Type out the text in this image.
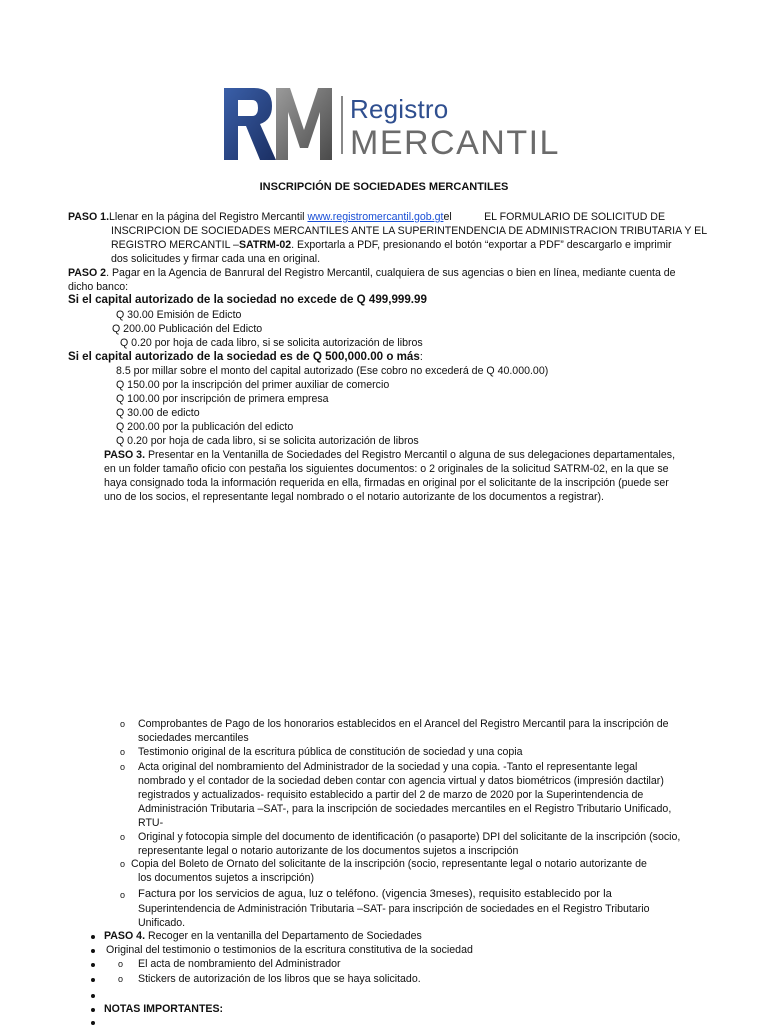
Registro
MERCANTIL
INSCRIPCIÓN DE SOCIEDADES MERCANTILES
PASO 1.Llenar en la página del Registro Mercantil www.registromercantil.gob.gtel           EL FORMULARIO DE SOLICITUD DE
INSCRIPCION DE SOCIEDADES MERCANTILES ANTE LA SUPERINTENDENCIA DE ADMINISTRACION TRIBUTARIA Y EL
REGISTRO MERCANTIL –SATRM-02. Exportarla a PDF, presionando el botón “exportar a PDF” descargarlo e imprimir
dos solicitudes y firmar cada una en original.
PASO 2. Pagar en la Agencia de Banrural del Registro Mercantil, cualquiera de sus agencias o bien en línea, mediante cuenta de
dicho banco:
Si el capital autorizado de la sociedad no excede de Q 499,999.99
Q 30.00 Emisión de Edicto
Q 200.00 Publicación del Edicto
Q 0.20 por hoja de cada libro, si se solicita autorización de libros
Si el capital autorizado de la sociedad es de Q 500,000.00 o más:
8.5 por millar sobre el monto del capital autorizado (Ese cobro no excederá de Q 40.000.00)
Q 150.00 por la inscripción del primer auxiliar de comercio
Q 100.00 por inscripción de primera empresa
Q 30.00 de edicto
Q 200.00 por la publicación del edicto
Q 0.20 por hoja de cada libro, si se solicita autorización de libros
PASO 3. Presentar en la Ventanilla de Sociedades del Registro Mercantil o alguna de sus delegaciones departamentales,
en un folder tamaño oficio con pestaña los siguientes documentos: o 2 originales de la solicitud SATRM-02, en la que se
haya consignado toda la información requerida en ella, firmadas en original por el solicitante de la inscripción (puede ser
uno de los socios, el representante legal nombrado o el notario autorizante de los documentos a registrar).
o Comprobantes de Pago de los honorarios establecidos en el Arancel del Registro Mercantil para la inscripción de
sociedades mercantiles
o Testimonio original de la escritura pública de constitución de sociedad y una copia
o Acta original del nombramiento del Administrador de la sociedad y una copia. -Tanto el representante legal
nombrado y el contador de la sociedad deben contar con agencia virtual y datos biométricos (impresión dactilar)
registrados y actualizados- requisito establecido a partir del 2 de marzo de 2020 por la Superintendencia de
Administración Tributaria –SAT-, para la inscripción de sociedades mercantiles en el Registro Tributario Unificado,
RTU-
o Original y fotocopia simple del documento de identificación (o pasaporte) DPI del solicitante de la inscripción (socio,
representante legal o notario autorizante de los documentos sujetos a inscripción
o Copia del Boleto de Ornato del solicitante de la inscripción (socio, representante legal o notario autorizante de
los documentos sujetos a inscripción)
o Factura por los servicios de agua, luz o teléfono. (vigencia 3meses), requisito establecido por la
Superintendencia de Administración Tributaria –SAT- para inscripción de sociedades en el Registro Tributario
Unificado.
PASO 4. Recoger en la ventanilla del Departamento de Sociedades
Original del testimonio o testimonios de la escritura constitutiva de la sociedad
o El acta de nombramiento del Administrador
o Stickers de autorización de los libros que se haya solicitado.
NOTAS IMPORTANTES:
